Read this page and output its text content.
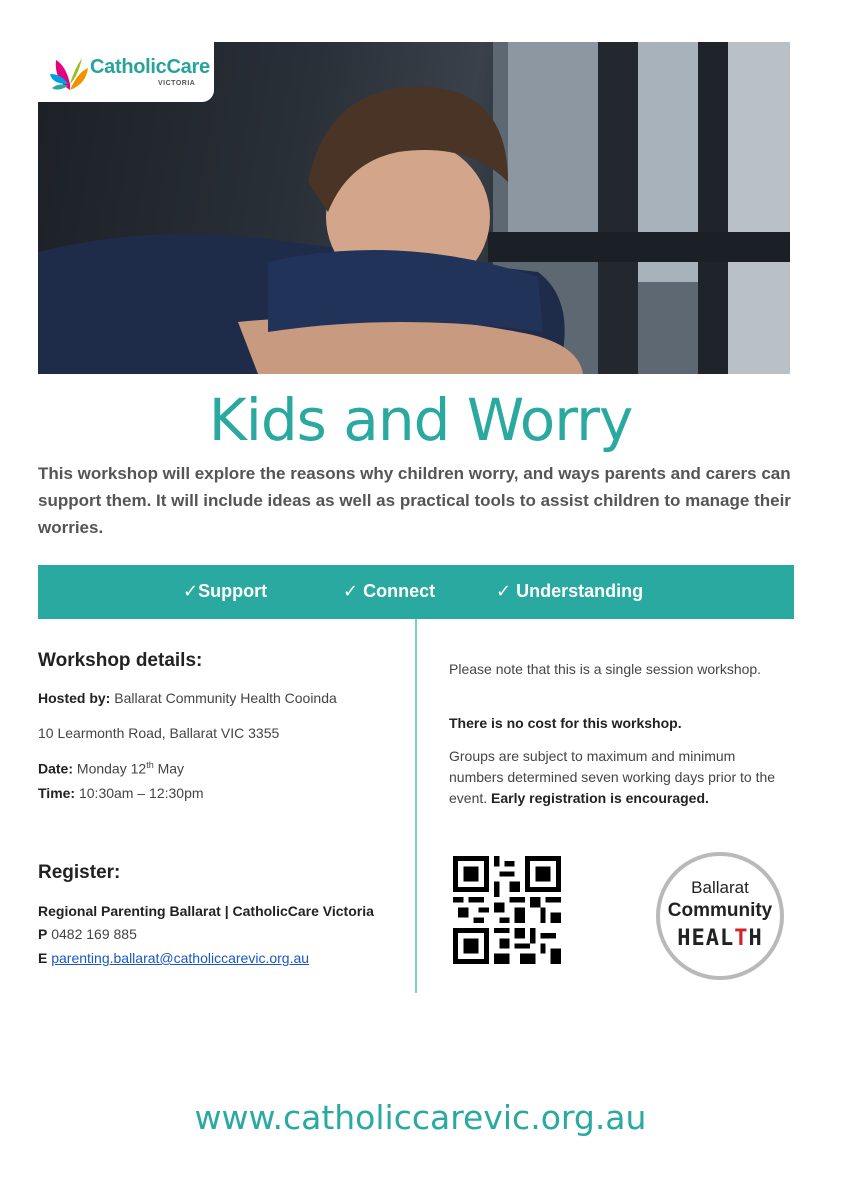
CatholicCare
VICTORIA
Kids and Worry
This workshop will explore the reasons why children worry, and ways parents and carers can support them. It will include ideas as well as practical tools to assist children to manage their worries.
✓Support	✓ Connect	✓ Understanding
Workshop details:
Hosted by: Ballarat Community Health Cooinda
10 Learmonth Road, Ballarat VIC 3355
Date: Monday 12th May
Time: 10:30am – 12:30pm
Register:
Regional Parenting Ballarat | CatholicCare Victoria
P 0482 169 885
E parenting.ballarat@catholiccarevic.org.au
Please note that this is a single session workshop.
There is no cost for this workshop.
Groups are subject to maximum and minimum numbers determined seven working days prior to the event. Early registration is encouraged.
Ballarat
Community
HEALTH
www.catholiccarevic.org.au
